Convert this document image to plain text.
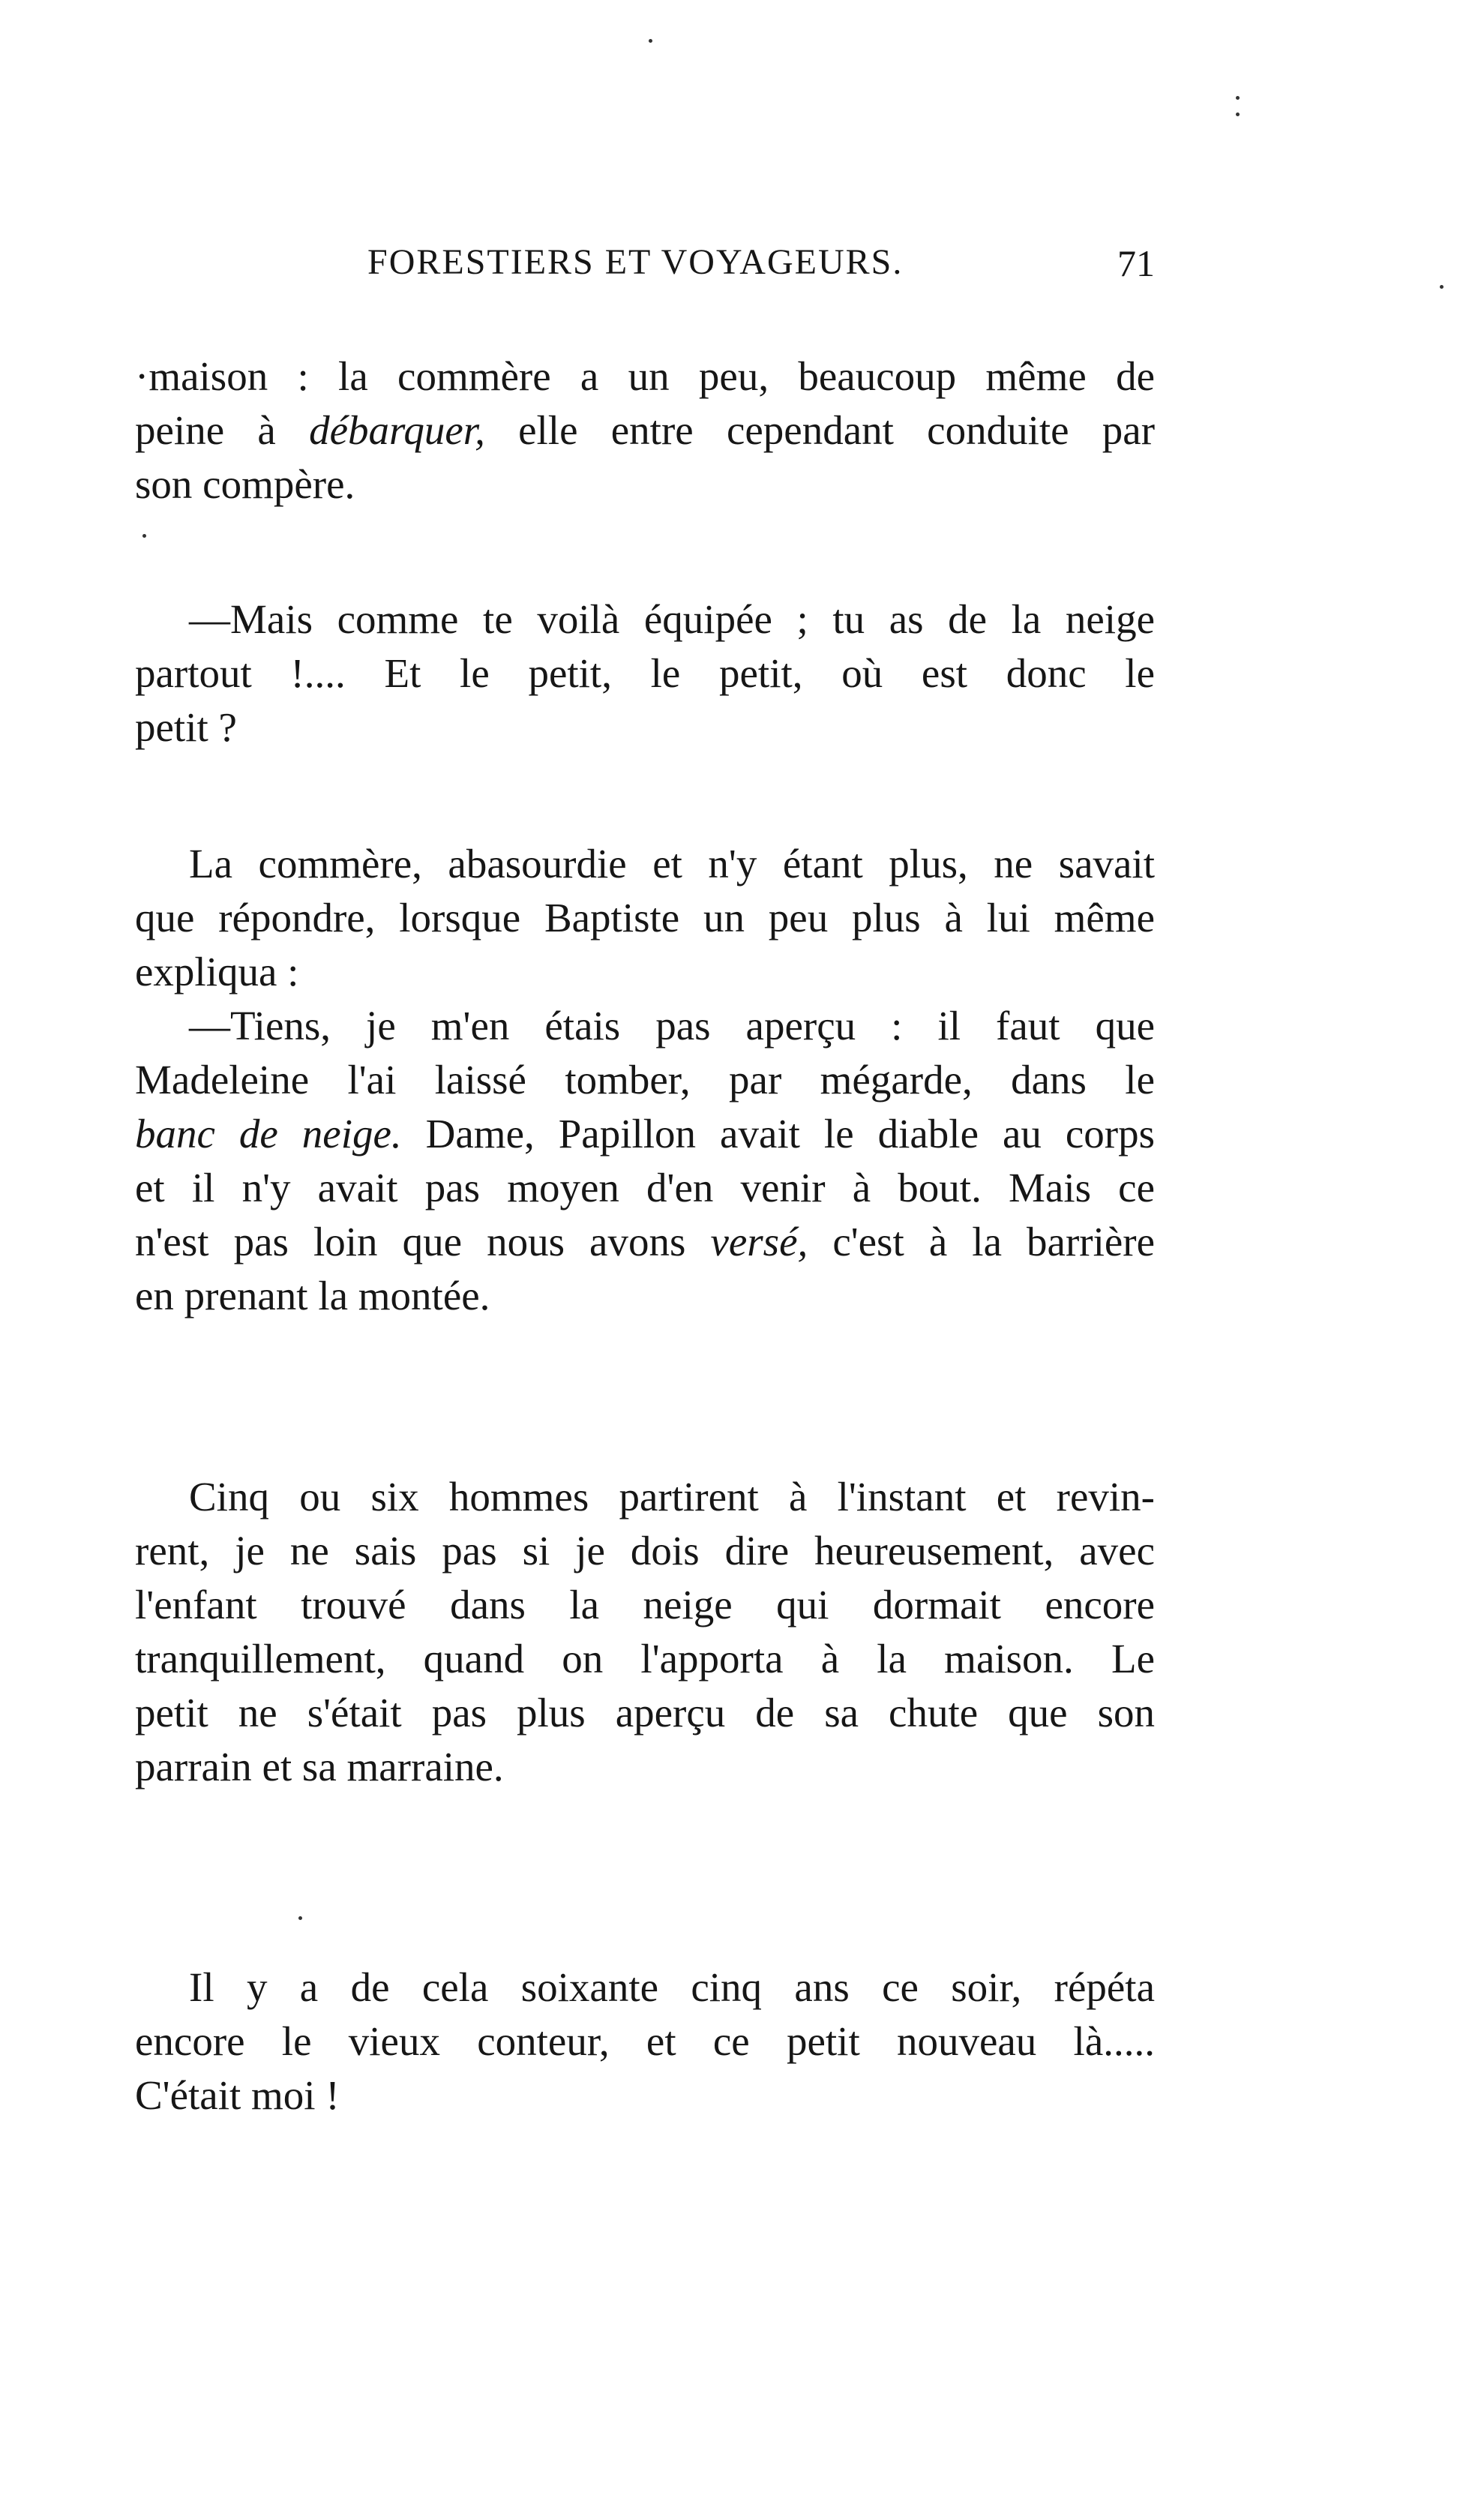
FORESTIERS ET VOYAGEURS.	71

·maison : la commère a un peu, beaucoup même de
peine à débarquer, elle entre cependant conduite par
son compère.

—Mais comme te voilà équipée ; tu as de la neige
partout !.... Et le petit, le petit, où est donc le
petit ?

La commère, abasourdie et n'y étant plus, ne savait
que répondre, lorsque Baptiste un peu plus à lui même
expliqua :

—Tiens, je m'en étais pas aperçu : il faut que
Madeleine l'ai laissé tomber, par mégarde, dans le
banc de neige. Dame, Papillon avait le diable au corps
et il n'y avait pas moyen d'en venir à bout. Mais ce
n'est pas loin que nous avons versé, c'est à la barrière
en prenant la montée.

Cinq ou six hommes partirent à l'instant et revin-
rent, je ne sais pas si je dois dire heureusement, avec
l'enfant trouvé dans la neige qui dormait encore
tranquillement, quand on l'apporta à la maison. Le
petit ne s'était pas plus aperçu de sa chute que son
parrain et sa marraine.

Il y a de cela soixante cinq ans ce soir, répéta
encore le vieux conteur, et ce petit nouveau là.....
C'était moi !
